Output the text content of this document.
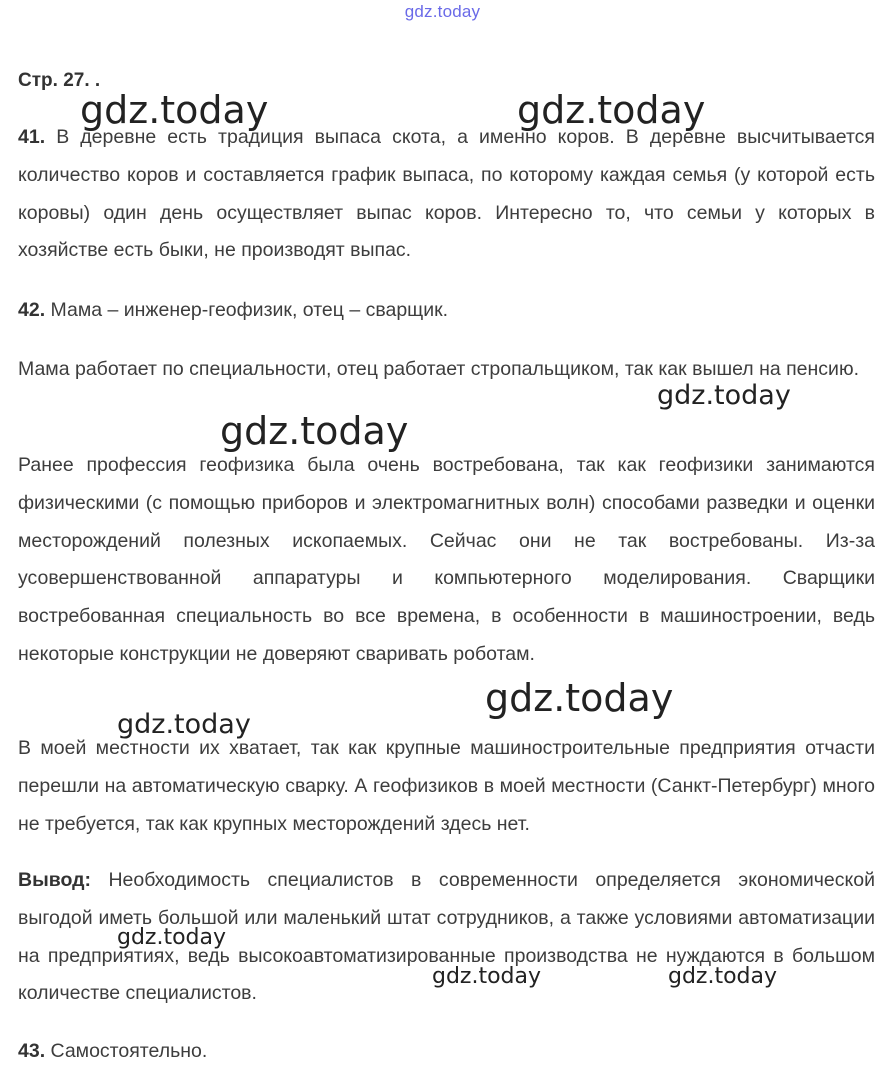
gdz.today
Стр. 27. .

41. В деревне есть традиция выпаса скота, а именно коров. В деревне высчитывается количество коров и составляется график выпаса, по которому каждая семья (у которой есть коровы) один день осуществляет выпас коров. Интересно то, что семьи у которых в хозяйстве есть быки, не производят выпас.

42. Мама – инженер-геофизик, отец – сварщик.

Мама работает по специальности, отец работает стропальщиком, так как вышел на пенсию.

Ранее профессия геофизика была очень востребована, так как геофизики занимаются физическими (с помощью приборов и электромагнитных волн) способами разведки и оценки месторождений полезных ископаемых. Сейчас они не так востребованы. Из-за усовершенствованной аппаратуры и компьютерного моделирования. Сварщики востребованная специальность во все времена, в особенности в машиностроении, ведь некоторые конструкции не доверяют сваривать роботам.

В моей местности их хватает, так как крупные машиностроительные предприятия отчасти перешли на автоматическую сварку. А геофизиков в моей местности (Санкт-Петербург) много не требуется, так как крупных месторождений здесь нет.

Вывод: Необходимость специалистов в современности определяется экономической выгодой иметь большой или маленький штат сотрудников, а также условиями автоматизации на предприятиях, ведь высокоавтоматизированные производства не нуждаются в большом количестве специалистов.

43. Самостоятельно.

gdz.today	gdz.today
gdz.today
gdz.today
gdz.today
gdz.today
gdz.today
gdz.today	gdz.today
